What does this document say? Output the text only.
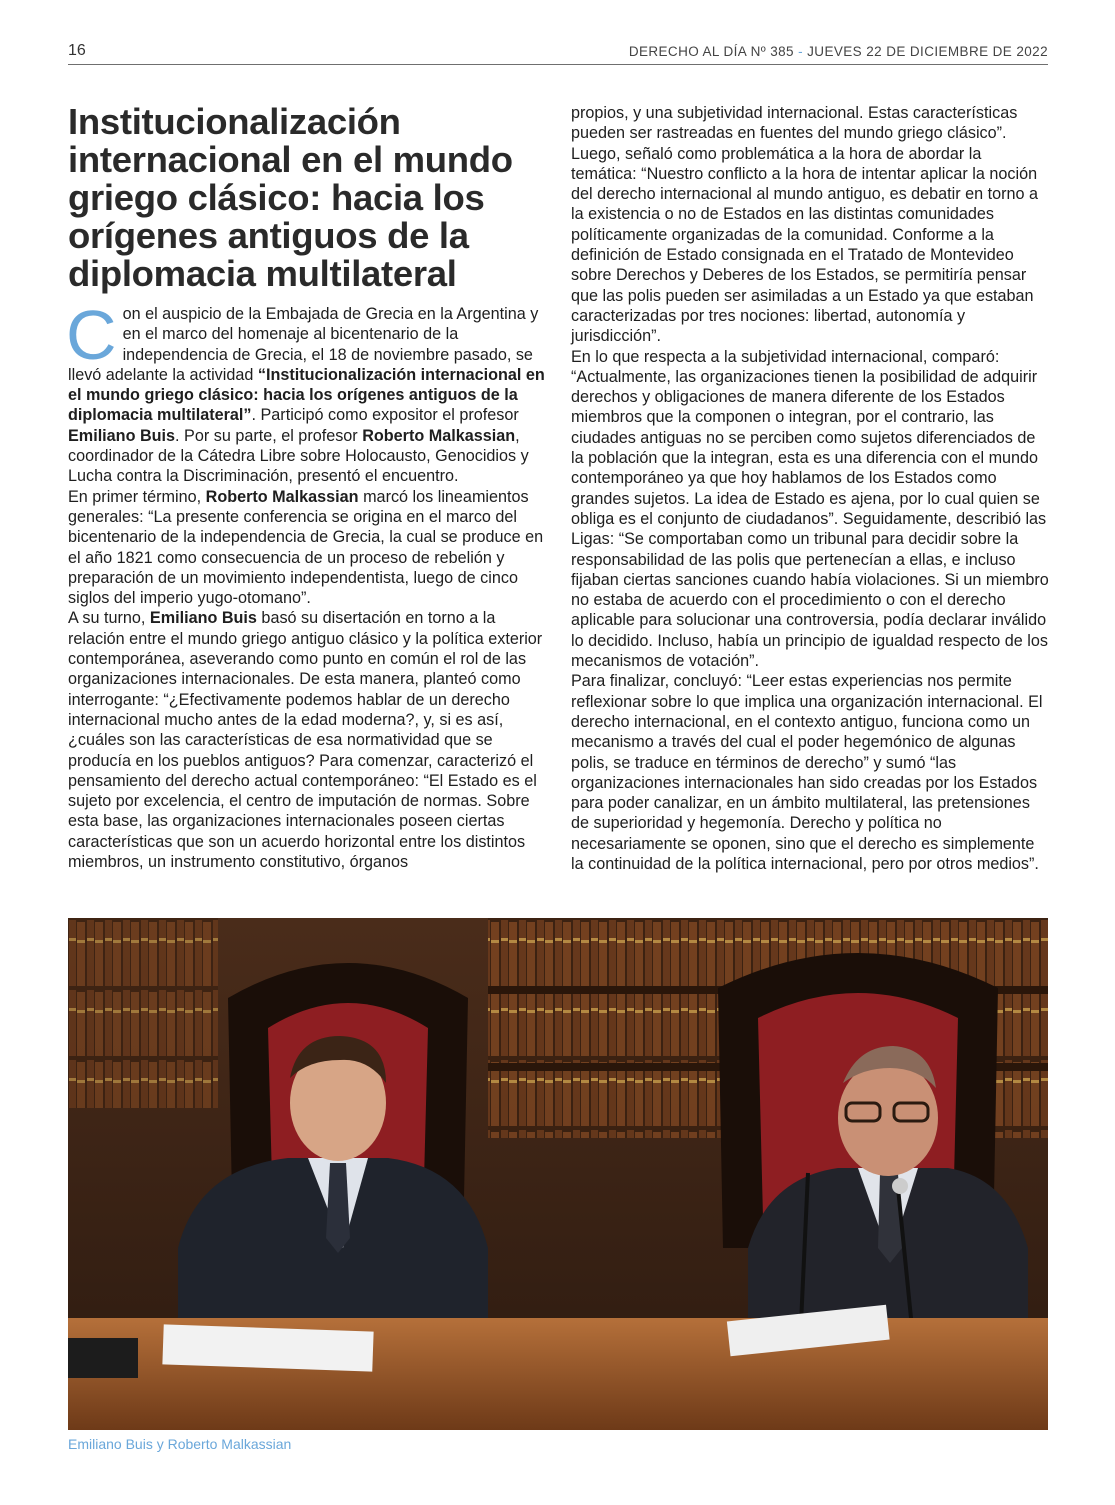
16	DERECHO AL DÍA Nº 385 - JUEVES 22 DE DICIEMBRE DE 2022
Institucionalización internacional en el mundo griego clásico: hacia los orígenes antiguos de la diplomacia multilateral

Con el auspicio de la Embajada de Grecia en la Argentina y en el marco del homenaje al bicentenario de la independencia de Grecia, el 18 de noviembre pasado, se llevó adelante la actividad “Institucionalización internacional en el mundo griego clásico: hacia los orígenes antiguos de la diplomacia multilateral”. Participó como expositor el profesor Emiliano Buis. Por su parte, el profesor Roberto Malkassian, coordinador de la Cátedra Libre sobre Holocausto, Genocidios y Lucha contra la Discriminación, presentó el encuentro.

En primer término, Roberto Malkassian marcó los lineamientos generales: “La presente conferencia se origina en el marco del bicentenario de la independencia de Grecia, la cual se produce en el año 1821 como consecuencia de un proceso de rebelión y preparación de un movimiento independentista, luego de cinco siglos del imperio yugo-otomano”.

A su turno, Emiliano Buis basó su disertación en torno a la relación entre el mundo griego antiguo clásico y la política exterior contemporánea, aseverando como punto en común el rol de las organizaciones internacionales. De esta manera, planteó como interrogante: “¿Efectivamente podemos hablar de un derecho internacional mucho antes de la edad moderna?, y, si es así, ¿cuáles son las características de esa normatividad que se producía en los pueblos antiguos? Para comenzar, caracterizó el pensamiento del derecho actual contemporáneo: “El Estado es el sujeto por excelencia, el centro de imputación de normas. Sobre esta base, las organizaciones internacionales poseen ciertas características que son un acuerdo horizontal entre los distintos miembros, un instrumento constitutivo, órganos

propios, y una subjetividad internacional. Estas características pueden ser rastreadas en fuentes del mundo griego clásico”. Luego, señaló como problemática a la hora de abordar la temática: “Nuestro conflicto a la hora de intentar aplicar la noción del derecho internacional al mundo antiguo, es debatir en torno a la existencia o no de Estados en las distintas comunidades políticamente organizadas de la comunidad. Conforme a la definición de Estado consignada en el Tratado de Montevideo sobre Derechos y Deberes de los Estados, se permitiría pensar que las polis pueden ser asimiladas a un Estado ya que estaban caracterizadas por tres nociones: libertad, autonomía y jurisdicción”.

En lo que respecta a la subjetividad internacional, comparó: “Actualmente, las organizaciones tienen la posibilidad de adquirir derechos y obligaciones de manera diferente de los Estados miembros que la componen o integran, por el contrario, las ciudades antiguas no se perciben como sujetos diferenciados de la población que la integran, esta es una diferencia con el mundo contemporáneo ya que hoy hablamos de los Estados como grandes sujetos. La idea de Estado es ajena, por lo cual quien se obliga es el conjunto de ciudadanos”. Seguidamente, describió las Ligas: “Se comportaban como un tribunal para decidir sobre la responsabilidad de las polis que pertenecían a ellas, e incluso fijaban ciertas sanciones cuando había violaciones. Si un miembro no estaba de acuerdo con el procedimiento o con el derecho aplicable para solucionar una controversia, podía declarar inválido lo decidido. Incluso, había un principio de igualdad respecto de los mecanismos de votación”.

Para finalizar, concluyó: “Leer estas experiencias nos permite reflexionar sobre lo que implica una organización internacional. El derecho internacional, en el contexto antiguo, funciona como un mecanismo a través del cual el poder hegemónico de algunas polis, se traduce en términos de derecho” y sumó “las organizaciones internacionales han sido creadas por los Estados para poder canalizar, en un ámbito multilateral, las pretensiones de superioridad y hegemonía. Derecho y política no necesariamente se oponen, sino que el derecho es simplemente la continuidad de la política internacional, pero por otros medios”.

Emiliano Buis y Roberto Malkassian
